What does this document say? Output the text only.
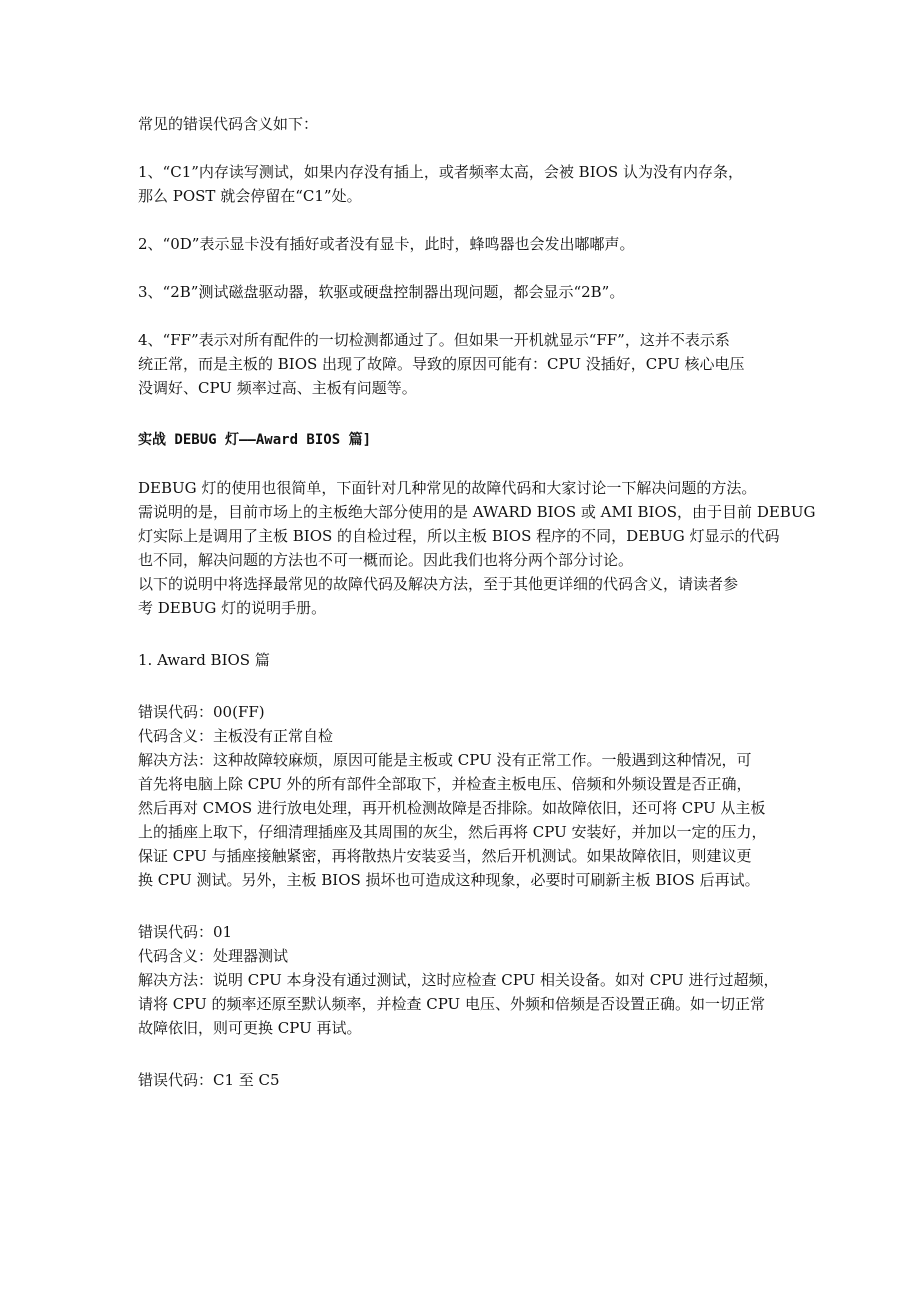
常见的错误代码含义如下：
1、“C1”内存读写测试，如果内存没有插上，或者频率太高，会被 BIOS 认为没有内存条，
那么 POST 就会停留在“C1”处。
2、“0D”表示显卡没有插好或者没有显卡，此时，蜂鸣器也会发出嘟嘟声。
3、“2B”测试磁盘驱动器，软驱或硬盘控制器出现问题，都会显示“2B”。
4、“FF”表示对所有配件的一切检测都通过了。但如果一开机就显示“FF”，这并不表示系
统正常，而是主板的 BIOS 出现了故障。导致的原因可能有：CPU 没插好，CPU 核心电压
没调好、CPU 频率过高、主板有问题等。
实战 DEBUG 灯——Award BIOS 篇]
DEBUG 灯的使用也很简单，下面针对几种常见的故障代码和大家讨论一下解决问题的方法。
需说明的是，目前市场上的主板绝大部分使用的是 AWARD BIOS 或 AMI BIOS，由于目前 DEBUG
灯实际上是调用了主板 BIOS 的自检过程，所以主板 BIOS 程序的不同，DEBUG 灯显示的代码
也不同，解决问题的方法也不可一概而论。因此我们也将分两个部分讨论。
以下的说明中将选择最常见的故障代码及解决方法，至于其他更详细的代码含义，请读者参
考 DEBUG 灯的说明手册。
1. Award BIOS 篇
错误代码：00(FF)
代码含义：主板没有正常自检
解决方法：这种故障较麻烦，原因可能是主板或 CPU 没有正常工作。一般遇到这种情况，可
首先将电脑上除 CPU 外的所有部件全部取下，并检查主板电压、倍频和外频设置是否正确，
然后再对 CMOS 进行放电处理，再开机检测故障是否排除。如故障依旧，还可将 CPU 从主板
上的插座上取下，仔细清理插座及其周围的灰尘，然后再将 CPU 安装好，并加以一定的压力，
保证 CPU 与插座接触紧密，再将散热片安装妥当，然后开机测试。如果故障依旧，则建议更
换 CPU 测试。另外，主板 BIOS 损坏也可造成这种现象，必要时可刷新主板 BIOS 后再试。
错误代码：01
代码含义：处理器测试
解决方法：说明 CPU 本身没有通过测试，这时应检查 CPU 相关设备。如对 CPU 进行过超频，
请将 CPU 的频率还原至默认频率，并检查 CPU 电压、外频和倍频是否设置正确。如一切正常
故障依旧，则可更换 CPU 再试。
错误代码：C1 至 C5
